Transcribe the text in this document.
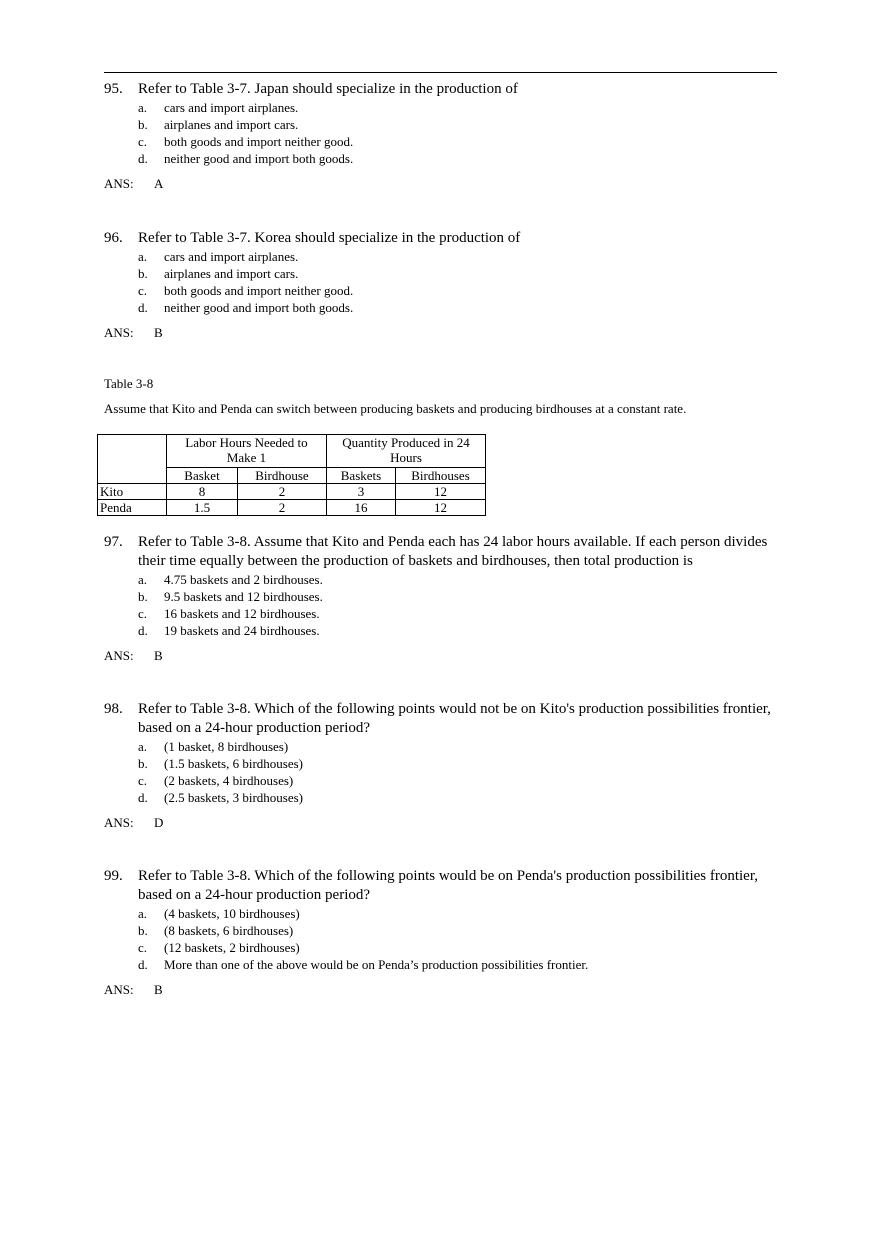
95. Refer to Table 3-7. Japan should specialize in the production of
a. cars and import airplanes.
b. airplanes and import cars.
c. both goods and import neither good.
d. neither good and import both goods.
ANS: A
96. Refer to Table 3-7. Korea should specialize in the production of
a. cars and import airplanes.
b. airplanes and import cars.
c. both goods and import neither good.
d. neither good and import both goods.
ANS: B
Table 3-8
Assume that Kito and Penda can switch between producing baskets and producing birdhouses at a constant rate.
	Labor Hours Needed to Make 1		Quantity Produced in 24 Hours	
	Basket	Birdhouse	Baskets	Birdhouses
Kito	8	2	3	12
Penda	1.5	2	16	12
97. Refer to Table 3-8. Assume that Kito and Penda each has 24 labor hours available. If each person divides their time equally between the production of baskets and birdhouses, then total production is
a. 4.75 baskets and 2 birdhouses.
b. 9.5 baskets and 12 birdhouses.
c. 16 baskets and 12 birdhouses.
d. 19 baskets and 24 birdhouses.
ANS: B
98. Refer to Table 3-8. Which of the following points would not be on Kito's production possibilities frontier, based on a 24-hour production period?
a. (1 basket, 8 birdhouses)
b. (1.5 baskets, 6 birdhouses)
c. (2 baskets, 4 birdhouses)
d. (2.5 baskets, 3 birdhouses)
ANS: D
99. Refer to Table 3-8. Which of the following points would be on Penda's production possibilities frontier, based on a 24-hour production period?
a. (4 baskets, 10 birdhouses)
b. (8 baskets, 6 birdhouses)
c. (12 baskets, 2 birdhouses)
d. More than one of the above would be on Penda’s production possibilities frontier.
ANS: B
